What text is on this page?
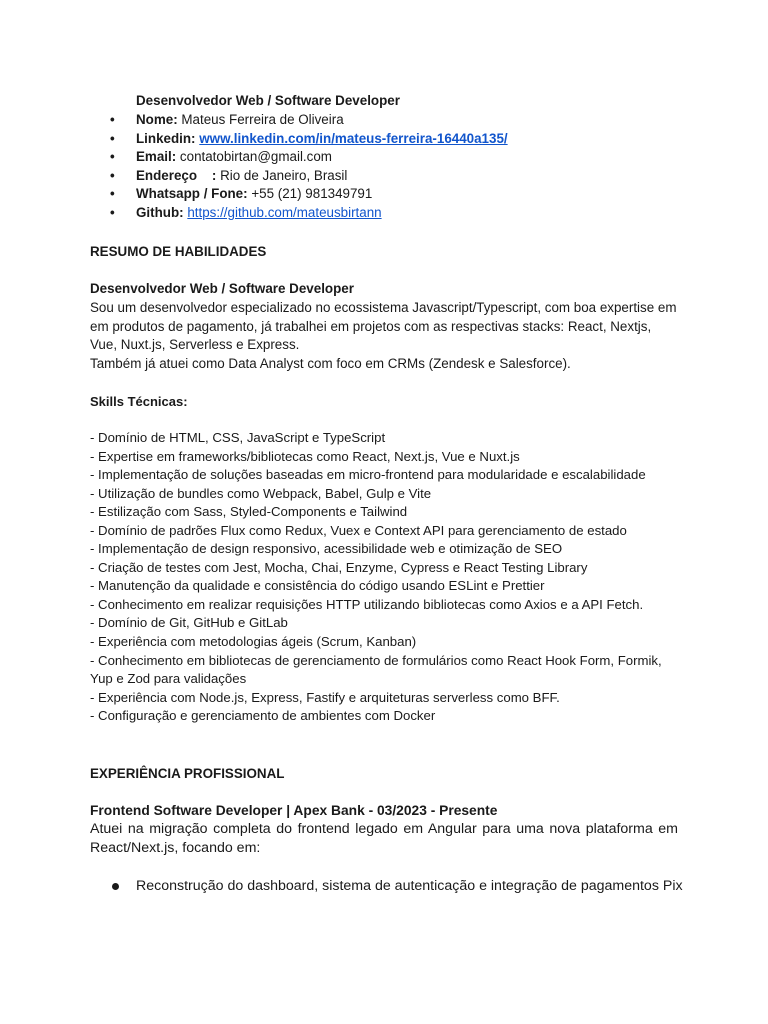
Desenvolvedor Web / Software Developer
•	Nome: Mateus Ferreira de Oliveira
•	Linkedin: www.linkedin.com/in/mateus-ferreira-16440a135/
•	Email: contatobirtan@gmail.com
•	Endereço    : Rio de Janeiro, Brasil
•	Whatsapp / Fone: +55 (21) 981349791
•	Github: https://github.com/mateusbirtann
RESUMO DE HABILIDADES
Desenvolvedor Web / Software Developer

Sou um desenvolvedor especializado no ecossistema Javascript/Typescript, com boa expertise em em produtos de pagamento, já trabalhei em projetos com as respectivas stacks: React, Nextjs, Vue, Nuxt.js, Serverless e Express.

Também já atuei como Data Analyst com foco em CRMs (Zendesk e Salesforce).

Skills Técnicas:
- Domínio de HTML, CSS, JavaScript e TypeScript
- Expertise em frameworks/bibliotecas como React, Next.js, Vue e Nuxt.js
- Implementação de soluções baseadas em micro-frontend para modularidade e escalabilidade
- Utilização de bundles como Webpack, Babel, Gulp e Vite
- Estilização com Sass, Styled-Components e Tailwind
- Domínio de padrões Flux como Redux, Vuex e Context API para gerenciamento de estado
- Implementação de design responsivo, acessibilidade web e otimização de SEO
- Criação de testes com Jest, Mocha, Chai, Enzyme, Cypress e React Testing Library
- Manutenção da qualidade e consistência do código usando ESLint e Prettier
- Conhecimento em realizar requisições HTTP utilizando bibliotecas como Axios e a API Fetch.
- Domínio de Git, GitHub e GitLab
- Experiência com metodologias ágeis (Scrum, Kanban)
- Conhecimento em bibliotecas de gerenciamento de formulários como React Hook Form, Formik, Yup e Zod para validações
- Experiência com Node.js, Express, Fastify e arquiteturas serverless como BFF.
- Configuração e gerenciamento de ambientes com Docker
EXPERIÊNCIA PROFISSIONAL
Frontend Software Developer | Apex Bank - 03/2023 - Presente
Atuei na migração completa do frontend legado em Angular para uma nova plataforma em React/Next.js, focando em:
Reconstrução do dashboard, sistema de autenticação e integração de pagamentos Pix
